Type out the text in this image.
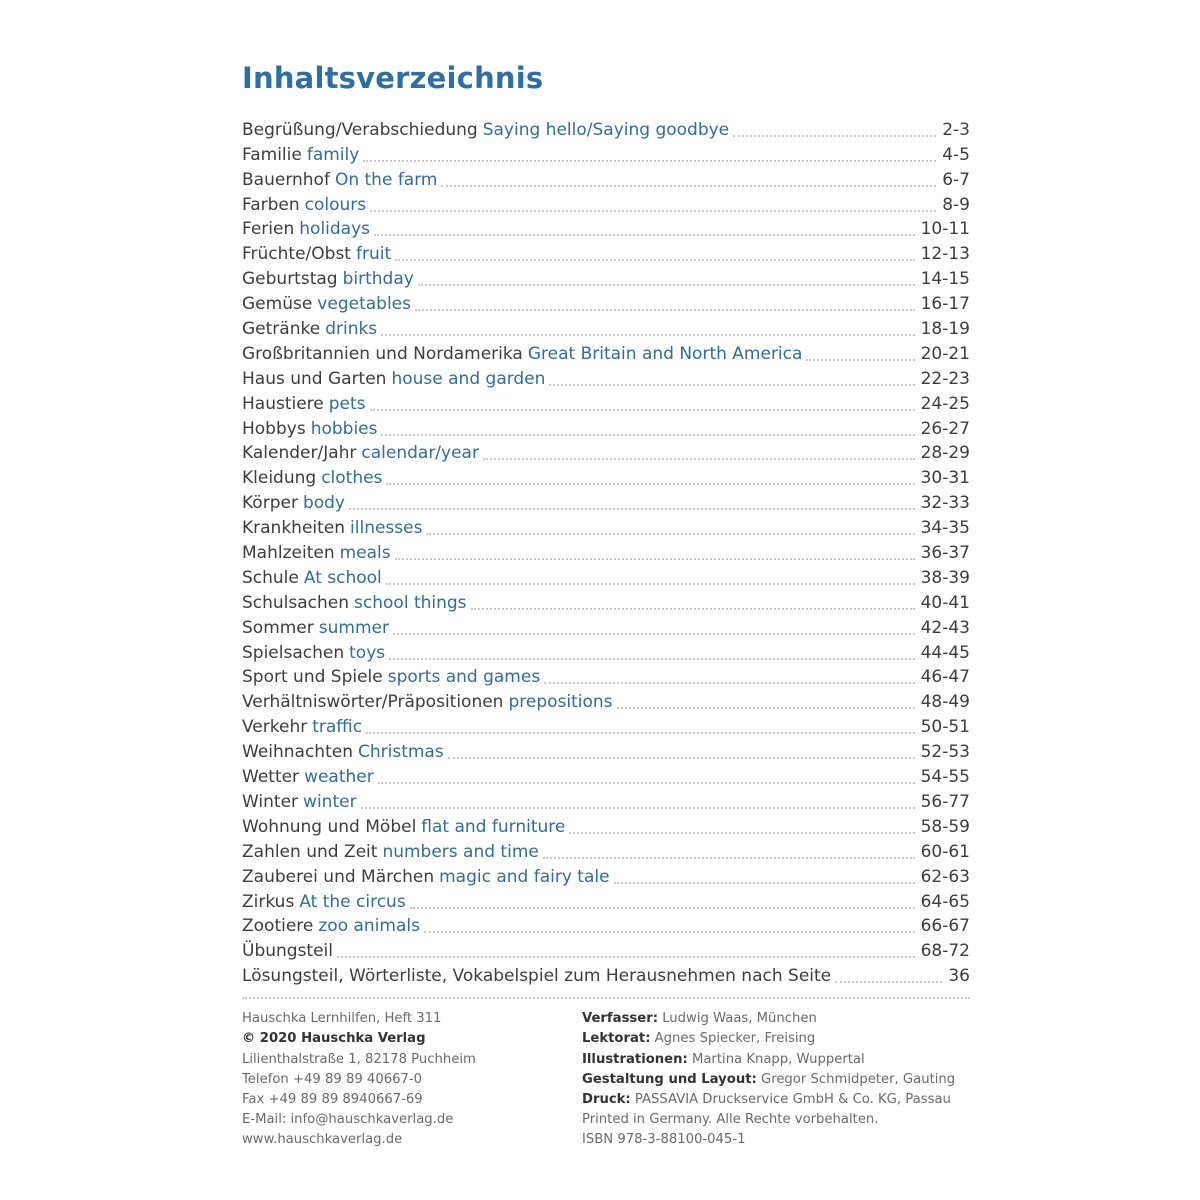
Inhaltsverzeichnis
Begrüßung/Verabschiedung Saying hello/Saying goodbye	2-3
Familie family	4-5
Bauernhof On the farm	6-7
Farben colours	8-9
Ferien holidays	10-11
Früchte/Obst fruit	12-13
Geburtstag birthday	14-15
Gemüse vegetables	16-17
Getränke drinks	18-19
Großbritannien und Nordamerika Great Britain and North America	20-21
Haus und Garten house and garden	22-23
Haustiere pets	24-25
Hobbys hobbies	26-27
Kalender/Jahr calendar/year	28-29
Kleidung clothes	30-31
Körper body	32-33
Krankheiten illnesses	34-35
Mahlzeiten meals	36-37
Schule At school	38-39
Schulsachen school things	40-41
Sommer summer	42-43
Spielsachen toys	44-45
Sport und Spiele sports and games	46-47
Verhältniswörter/Präpositionen prepositions	48-49
Verkehr traffic	50-51
Weihnachten Christmas	52-53
Wetter weather	54-55
Winter winter	56-77
Wohnung und Möbel flat and furniture	58-59
Zahlen und Zeit numbers and time	60-61
Zauberei und Märchen magic and fairy tale	62-63
Zirkus At the circus	64-65
Zootiere zoo animals	66-67
Übungsteil	68-72
Lösungsteil, Wörterliste, Vokabelspiel zum Herausnehmen nach Seite	36
Hauschka Lernhilfen, Heft 311
© 2020 Hauschka Verlag
Lilienthalstraße 1, 82178 Puchheim
Telefon +49 89 89 40667-0
Fax +49 89 89 8940667-69
E-Mail: info@hauschkaverlag.de
www.hauschkaverlag.de
Verfasser: Ludwig Waas, München
Lektorat: Agnes Spiecker, Freising
Illustrationen: Martina Knapp, Wuppertal
Gestaltung und Layout: Gregor Schmidpeter, Gauting
Druck: PASSAVIA Druckservice GmbH & Co. KG, Passau
Printed in Germany. Alle Rechte vorbehalten.
ISBN 978-3-88100-045-1
